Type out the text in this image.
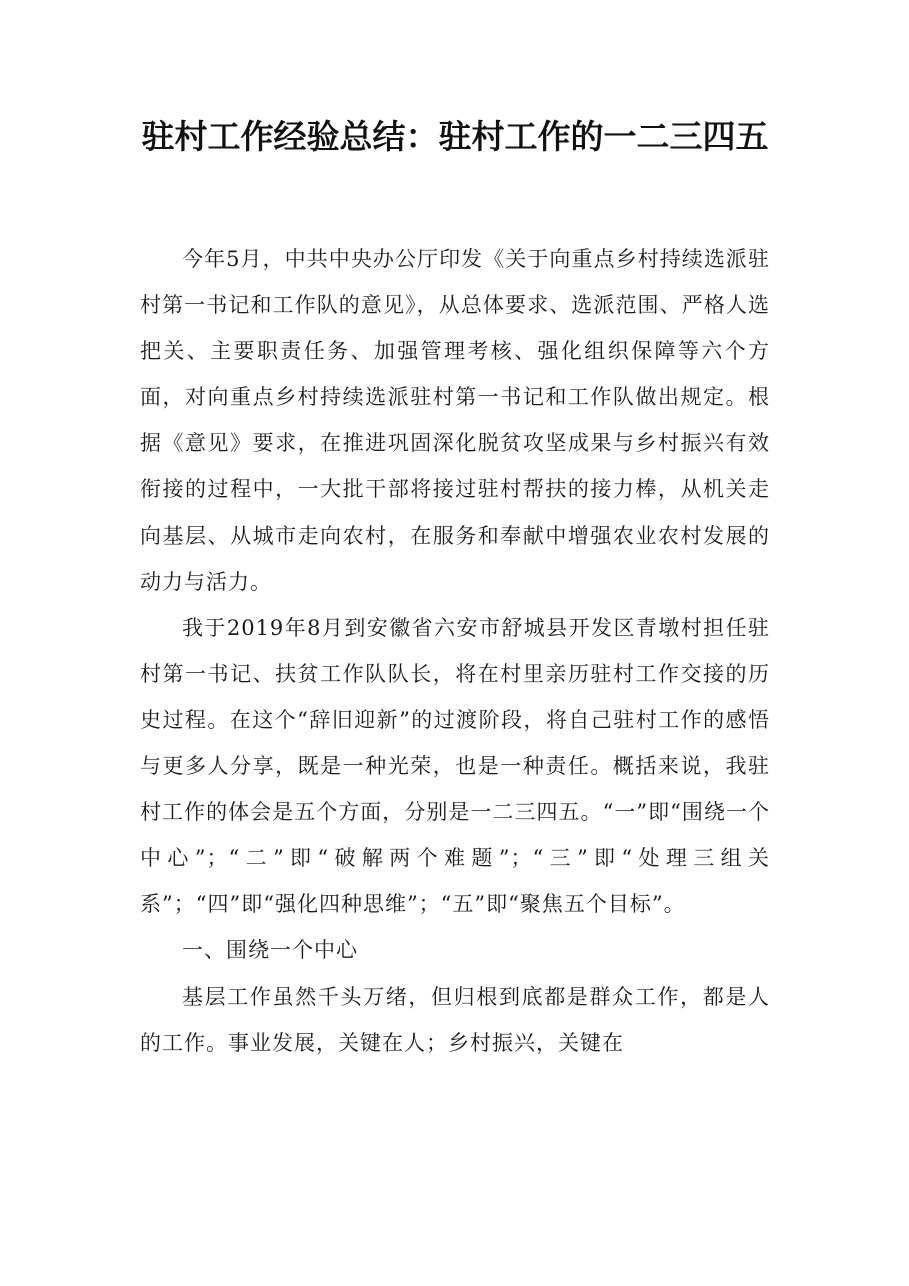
驻村工作经验总结：驻村工作的一二三四五

今年5月，中共中央办公厅印发《关于向重点乡村持续选派驻村第一书记和工作队的意见》，从总体要求、选派范围、严格人选把关、主要职责任务、加强管理考核、强化组织保障等六个方面，对向重点乡村持续选派驻村第一书记和工作队做出规定。根据《意见》要求，在推进巩固深化脱贫攻坚成果与乡村振兴有效衔接的过程中，一大批干部将接过驻村帮扶的接力棒，从机关走向基层、从城市走向农村，在服务和奉献中增强农业农村发展的动力与活力。

我于2019年8月到安徽省六安市舒城县开发区青墩村担任驻村第一书记、扶贫工作队队长，将在村里亲历驻村工作交接的历史过程。在这个“辞旧迎新”的过渡阶段，将自己驻村工作的感悟与更多人分享，既是一种光荣，也是一种责任。概括来说，我驻村工作的体会是五个方面，分别是一二三四五。“一”即“围绕一个中心”；“二”即“破解两个难题”；“三”即“处理三组关系”；“四”即“强化四种思维”；“五”即“聚焦五个目标”。

一、围绕一个中心

基层工作虽然千头万绪，但归根到底都是群众工作，都是人的工作。事业发展，关键在人；乡村振兴，关键在
